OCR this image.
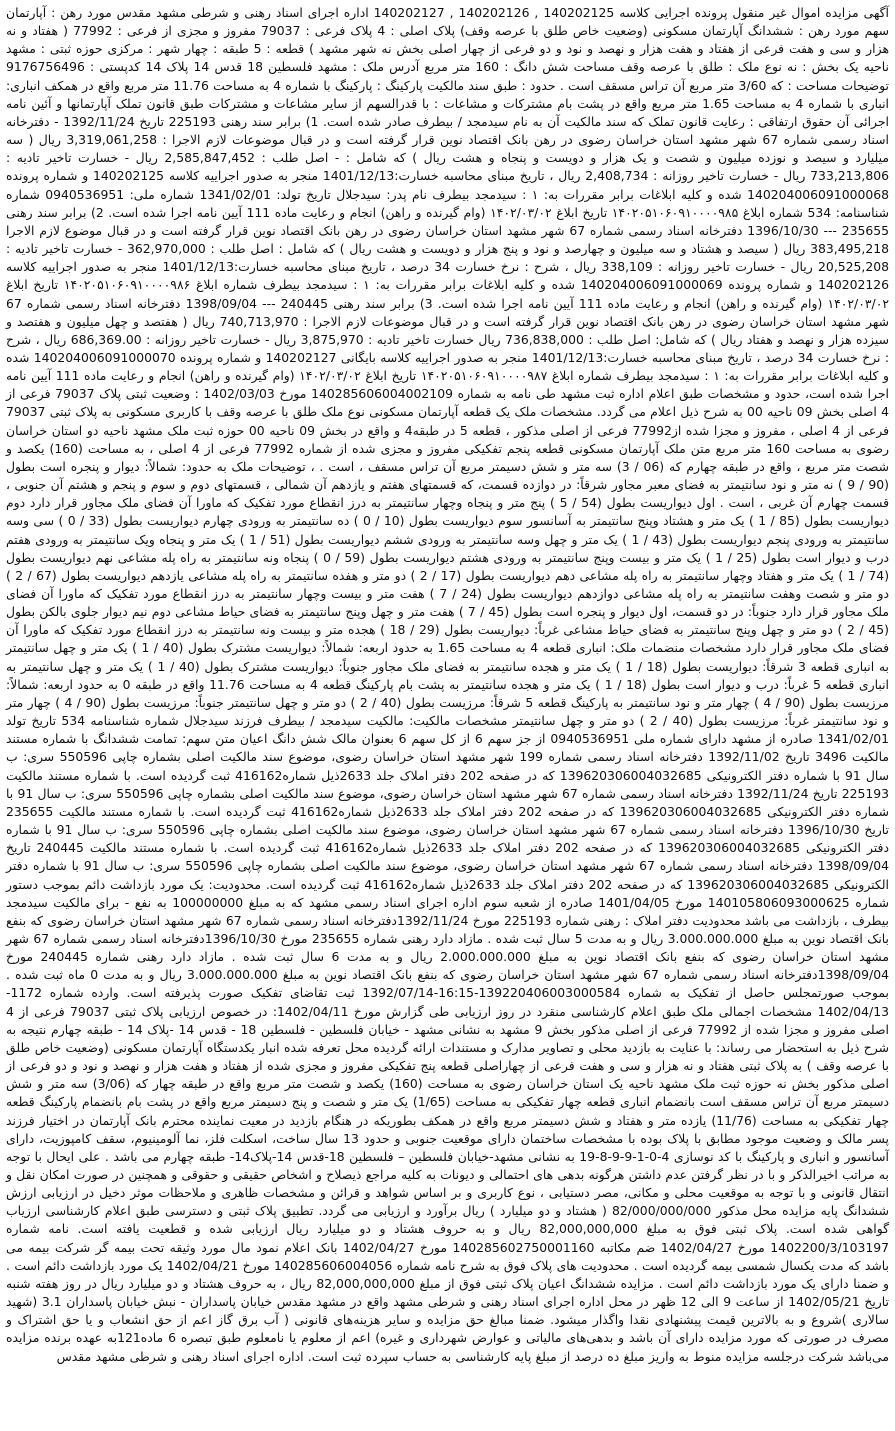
آگهی مزایده اموال غیر منقول پرونده اجرایی کلاسه 140202125 , 140202126 , 140202127 اداره اجرای اسناد رهنی و شرطی مشهد مقدس مورد رهن : آپارتمان سهم مورد رهن : ششدانگ آپارتمان مسکونی (وضعیت خاص طلق با عرصه وقف) پلاک اصلی : 4 پلاک فرعی : 79037 مفروز و مجزی از فرعی : 77992 ( هفتاد و نه هزار و سی و هفت فرعی از هفتاد و هفت هزار و نهصد و نود و دو فرعی از چهار اصلی بخش نه شهر مشهد ) قطعه : 5 طبقه : چهار شهر : مرکزی حوزه ثبتی : مشهد ناحیه یک بخش : نه نوع ملک : طلق با عرصه وقف مساحت شش دانگ : 160 متر مربع آدرس ملک : مشهد فلسطین 18 قدس 14 پلاک 14 کدپستی : 9176756496 توضیحات مساحت : که 3/60 متر مربع آن تراس مسقف است . حدود : طبق سند مالکیت پارکینگ : پارکینگ با شماره 4 به مساحت 11.76 متر مربع واقع در همکف انباری: انباری با شماره 4 به مساحت 1.65 متر مربع واقع در پشت بام مشترکات و مشاعات : با قدرالسهم از سایر مشاعات و مشترکات طبق قانون تملک آپارتمانها و آئین نامه اجرائی آن حقوق ارتفاقی : رعایت قانون تملک که سند مالکیت آن به نام سیدمجد / بیطرف صادر شده است. 1) برابر سند رهنی 225193 تاریخ 1392/11/24 - دفترخانه اسناد رسمی شماره 67 شهر مشهد استان خراسان رضوی در رهن بانک اقتصاد نوین قرار گرفته است و در قبال موضوعات لازم الاجرا : 3,319,061,258 ریال ( سه میلیارد و سیصد و نوزده میلیون و شصت و یک هزار و دویست و پنجاه و هشت ریال ) که شامل : - اصل طلب : 2,585,847,452 ریال - خسارت تاخیر تادیه : 733,213,806 ریال - خسارت تاخیر روزانه : 2,408,734 ریال ، تاریخ مبنای محاسبه خسارت:1401/12/13 منجر به صدور اجراییه کلاسه 140202125 و شماره پرونده 140204006091000068 شده و کلیه ابلاغات برابر مقررات به: ۱ : سیدمجد بیطرف نام پدر: سیدجلال تاریخ تولد: 1341/02/01 شماره ملی: 0940536951 شماره شناسنامه: 534 شماره ابلاغ ۱۴۰۲۰۵۱۰۶۰۹۱۰۰۰۰۹۸۵ تاریخ ابلاغ ۱۴۰۲/۰۳/۰۲ (وام گیرنده و راهن) انجام و رعایت ماده 111 آیین نامه اجرا شده است. 2) برابر سند رهنی 235655 --- 1396/10/30 دفترخانه اسناد رسمی شماره 67 شهر مشهد استان خراسان رضوی در رهن بانک اقتصاد نوین قرار گرفته است و در قبال موضوع لازم الاجرا 383,495,218 ریال ( سیصد و هشتاد و سه میلیون و چهارصد و نود و پنج هزار و دویست و هشت ریال ) که شامل : اصل طلب : 362,970,000 - خسارت تاخیر تادیه : 20,525,208 ریال - خسارت تاخیر روزانه : 338,109 ریال ، شرح : نرخ خسارت 34 درصد ، تاریخ مبنای محاسبه خسارت:1401/12/13 منجر به صدور اجراییه کلاسه 140202126 و شماره پرونده 140204006091000069 شده و کلیه ابلاغات برابر مقررات به: ۱ : سیدمجد بیطرف شماره ابلاغ ۱۴۰۲۰۵۱۰۶۰۹۱۰۰۰۰۹۸۶ تاریخ ابلاغ ۱۴۰۲/۰۳/۰۲ (وام گیرنده و راهن) انجام و رعایت ماده 111 آیین نامه اجرا شده است. 3) برابر سند رهنی 240445 --- 1398/09/04 دفترخانه اسناد رسمی شماره 67 شهر مشهد استان خراسان رضوی در رهن بانک اقتصاد نوین قرار گرفته است و در قبال موضوعات لازم الاجرا : 740,713,970 ریال ( هفتصد و چهل میلیون و هفتصد و سیزده هزار و نهصد و هفتاد ریال ) که شامل: اصل طلب : 736,838,000 ریال خسارت تاخیر تادیه : 3,875,970 ریال - خسارت تاخیر روزانه : 686,369.00 ریال ، شرح : نرخ خسارت 34 درصد ، تاریخ مبنای محاسبه خسارت:1401/12/13 منجر به صدور اجراییه کلاسه بایگانی 140202127 و شماره پرونده 140204006091000070 شده و کلیه ابلاغات برابر مقررات به: ۱ : سیدمجد بیطرف شماره ابلاغ ۱۴۰۲۰۵۱۰۶۰۹۱۰۰۰۰۹۸۷ تاریخ ابلاغ ۱۴۰۲/۰۳/۰۲ (وام گیرنده و راهن) انجام و رعایت ماده 111 آیین نامه اجرا شده است، حدود و مشخصات طبق اعلام اداره ثبت مشهد طی نامه به شماره 140285606004002109 مورخ 1402/03/03 : وضعیت ثبتی پلاک 79037 فرعی از 4 اصلی بخش 09 ناحیه 00 به شرح ذیل اعلام می گردد. مشخصات ملک یک قطعه آپارتمان مسکونی نوع ملک طلق با عرصه وقف با کاربری مسکونی به پلاک ثبتی 79037 فرعی از 4 اصلی ، مفروز و مجزا شده از77992 فرعی از اصلی مذکور ، قطعه 5 در طبقه4 و واقع در بخش 09 ناحیه 00 حوزه ثبت ملک مشهد ناحیه دو استان خراسان رضوی به مساحت 160 متر مربع متن ملک آپارتمان مسکونی قطعه پنجم تفکیکی مفروز و مجزی شده از شماره 77992 فرعی از 4 اصلی ، به مساحت (160) یکصد و شصت متر مربع ، واقع در طبقه چهارم که (06 / 3) سه متر و شش دسیمتر مربع آن تراس مسقف ، است . ، توضیحات ملک به حدود: شمالاً: دیوار و پنجره است بطول (90 / 9 ) نه متر و نود سانتیمتر به فضای معبر مجاور شرقاً: در دوازده قسمت، که قسمتهای هفتم و یازدهم آن شمالی ، قسمتهای دوم و سوم و پنجم و هشتم آن جنوبی ، قسمت چهارم آن غربی ، است . اول دیواریست بطول (54 / 5 ) پنج متر و پنجاه وچهار سانتیمتر به درز انقطاع مورد تفکیک که ماورا آن فضای ملک مجاور قرار دارد دوم دیواریست بطول (85 / 1 ) یک متر و هشتاد وپنج سانتیمتر به آسانسور سوم دیواریست بطول (10 / 0 ) ده سانتیمتر به ورودی چهارم دیواریست بطول (33 / 0 ) سی وسه سانتیمتر به ورودی پنجم دیواریست بطول (43 / 1 ) یک متر و چهل وسه سانتیمتر به ورودی ششم دیواریست بطول (51 / 1 ) یک متر و پنجاه ویک سانتیمتر به ورودی هفتم درب و دیوار است بطول (25 / 1 ) یک متر و بیست وپنج سانتیمتر به ورودی هشتم دیواریست بطول (59 / 0 ) پنجاه ونه سانتیمتر به راه پله مشاعی نهم دیواریست بطول (74 / 1 ) یک متر و هفتاد وچهار سانتیمتر به راه پله مشاعی دهم دیواریست بطول (17 / 2 ) دو متر و هفده سانتیمتر به راه پله مشاعی یازدهم دیواریست بطول (67 / 2 ) دو متر و شصت وهفت سانتیمتر به راه پله مشاعی دوازدهم دیواریست بطول (24 / 7 ) هفت متر و بیست وچهار سانتیمتر به درز انقطاع مورد تفکیک که ماورا آن فضای ملک مجاور قرار دارد جنوباً: در دو قسمت، اول دیوار و پنجره است بطول (45 / 7 ) هفت متر و چهل وپنج سانتیمتر به فضای حیاط مشاعی دوم نیم دیوار جلوی بالکن بطول (45 / 2 ) دو متر و چهل وپنج سانتیمتر به فضای حیاط مشاعی غرباً: دیواریست بطول (29 / 18 ) هجده متر و بیست ونه سانتیمتر به درز انقطاع مورد تفکیک که ماورا آن فضای ملک مجاور قرار دارد مشخصات منضمات ملک: انباری قطعه 4 به مساحت 1.65 به حدود اربعه: شمالاً: دیواریست مشترک بطول (40 / 1 ) یک متر و چهل سانتیمتر به انباری قطعه 3 شرقاً: دیواریست بطول (18 / 1 ) یک متر و هجده سانتیمتر به فضای ملک مجاور جنوباً: دیواریست مشترک بطول (40 / 1 ) یک متر و چهل سانتیمتر به انباری قطعه 5 غرباً: درب و دیوار است بطول (18 / 1 ) یک متر و هجده سانتیمتر به پشت بام پارکینگ قطعه 4 به مساحت 11.76 واقع در طبقه 0 به حدود اربعه: شمالاً: مرزیست بطول (90 / 4 ) چهار متر و نود سانتیمتر به پارکینگ قطعه 5 شرقاً: مرزیست بطول (40 / 2 ) دو متر و چهل سانتیمتر جنوباً: مرزیست بطول (90 / 4 ) چهار متر و نود سانتیمتر غرباً: مرزیست بطول (40 / 2 ) دو متر و چهل سانتیمتر مشخصات مالکیت: مالکیت سیدمجد / بیطرف فرزند سیدجلال شماره شناسنامه 534 تاریخ تولد 1341/02/01 صادره از مشهد دارای شماره ملی 0940536951 از جز سهم 6 از کل سهم 6 بعنوان مالک شش دانگ اعیان متن سهم: تمامت ششدانگ با شماره مستند مالکیت 3496 تاریخ 1392/11/02 دفترخانه اسناد رسمی شماره 199 شهر مشهد استان خراسان رضوی، موضوع سند مالکیت اصلی بشماره چاپی 550596 سری: ب سال 91 با شماره دفتر الکترونیکی 139620306004032685 که در صفحه 202 دفتر املاک جلد 2633ذیل شماره416162 ثبت گردیده است. با شماره مستند مالکیت 225193 تاریخ 1392/11/24 دفترخانه اسناد رسمی شماره 67 شهر مشهد استان خراسان رضوی، موضوع سند مالکیت اصلی بشماره چاپی 550596 سری: ب سال 91 با شماره دفتر الکترونیکی 139620306004032685 که در صفحه 202 دفتر املاک جلد 2633ذیل شماره416162 ثبت گردیده است. با شماره مستند مالکیت 235655 تاریخ 1396/10/30 دفترخانه اسناد رسمی شماره 67 شهر مشهد استان خراسان رضوی، موضوع سند مالکیت اصلی بشماره چاپی 550596 سری: ب سال 91 با شماره دفتر الکترونیکی 139620306004032685 که در صفحه 202 دفتر املاک جلد 2633ذیل شماره416162 ثبت گردیده است. با شماره مستند مالکیت 240445 تاریخ 1398/09/04 دفترخانه اسناد رسمی شماره 67 شهر مشهد استان خراسان رضوی، موضوع سند مالکیت اصلی بشماره چاپی 550596 سری: ب سال 91 با شماره دفتر الکترونیکی 139620306004032685 که در صفحه 202 دفتر املاک جلد 2633ذیل شماره416162 ثبت گردیده است. محدودیت: یک مورد بازداشت دائم بموجب دستور شماره 140105806093000625 مورخ 1401/04/05 صادره از شعبه سوم اداره اجرای اسناد رسمی مشهد که به مبلغ 100000000 به نفع - برای مالکیت سیدمجد بیطرف ، بازداشت می باشد محدودیت دفتر املاک : رهنی شماره 225193 مورخ 1392/11/24دفترخانه اسناد رسمی شماره 67 شهر مشهد استان خراسان رضوی که بنفع بانک اقتصاد نوین به مبلغ 3.000.000.000 ریال و به مدت 5 سال ثبت شده . مازاد دارد رهنی شماره 235655 مورخ 1396/10/30دفترخانه اسناد رسمی شماره 67 شهر مشهد استان خراسان رضوی که بنفع بانک اقتصاد نوین به مبلغ 2.000.000.000 ریال و به مدت 6 سال ثبت شده . مازاد دارد رهنی شماره 240445 مورخ 1398/09/04دفترخانه اسناد رسمی شماره 67 شهر مشهد استان خراسان رضوی که بنفع بانک اقتصاد نوین به مبلغ 3.000.000.000 ریال و به مدت 0 ماه ثبت شده . بموجب صورتمجلس حاصل از تفکیک به شماره 139220406003000584-16:15-1392/07/14 ثبت تقاضای تفکیک صورت پذیرفته است. وارده شماره 1172-1402/04/13 مشخصات اجمالی ملک طبق اعلام کارشناسی منقرد در روز ارزیابی طی گزارش مورخ 1402/04/11: در خصوص ارزیابی پلاک ثبتی 79037 فرعی از 4 اصلی مفروز و مجزا شده از 77992 فرعی از اصلی مذکور بخش 9 مشهد به نشانی مشهد - خیابان فلسطین - فلسطین 18 - قدس 14 -پلاک 14 - طبقه چهارم نتیجه به شرح ذیل به استحضار می رساند: با عنایت به بازدید محلی و تصاویر مدارک و مستندات ارائه گردیده محل تعرفه شده انبار یکدستگاه آپارتمان مسکونی (وضعیت خاص طلق با عرصه وقف ) به پلاک ثبتی هفتاد و نه هزار و سی و هفت فرعی از چهاراصلی قطعه پنج تفکیکی مفروز و مجزی شده از هفتاد و هفت هزار و نهصد و نود و دو فرعی از اصلی مذکور بخش نه حوزه ثبت ملک مشهد ناحیه یک استان خراسان رضوی به مساحت (160) یکصد و شصت متر مربع واقع در طبقه چهار که (3/06) سه متر و شش دسیمتر مربع آن تراس مسقف است بانضمام انباری قطعه چهار تفکیکی به مساحت (1/65) یک متر و شصت و پنج دسیمتر مربع واقع در پشت بام بانضمام پارکینگ قطعه چهار تفکیکی به مساحت (11/76) یازده متر و هفتاد و شش دسیمتر مربع واقع در همکف بطوریکه در هنگام بازدید در معیت نماینده محترم بانک آپارتمان در اختیار فرزند پسر مالک و وضعیت موجود مطابق با پلاک بوده با مشخصات ساختمان دارای موقعیت جنوبی و حدود 13 سال ساخت، اسکلت فلز، نما آلومینیوم، سقف کامپوزیت، دارای آسانسور و انباری و پارکینگ با کد نوسازی 4-0-1-9-9-8-19 به نشانی مشهد-خیابان فلسطین – فلسطین 18-قدس 14-پلاک14- طبقه چهارم می باشد . علی ایحال با توجه به مراتب اخیرالذکر و با در نظر گرفتن عدم داشتن هرگونه بدهی های احتمالی و دیونات به کلیه مراجع ذیصلاح و اشخاص حقیقی و حقوقی و همچنین در صورت امکان نقل و انتقال قانونی و با توجه به موقعیت محلی و مکانی، مصر دستیابی ، نوع کاربری و بر اساس شواهد و قرائن و مشخصات ظاهری و ملاحظات موثر دخیل در ارزیابی ارزش ششدانگ پایه مزایده محل مذکور 82/000/000/000 ( هشتاد و دو میلیارد ) ریال برآورد و ارزیابی می گردد. تطبیق پلاک ثبتی و دسترسی طبق اعلام کارشناسی ارزیاب گواهی شده است. پلاک ثبتی فوق به مبلغ 82,000,000,000 ریال و به حروف هشتاد و دو میلیارد ریال ارزیابی شده و قطعیت یافته است. نامه شماره 1402200/3/103197 مورخ 1402/04/27 ضم مکاتبه 140285602750001160 مورخ 1402/04/27 بانک اعلام نمود مال مورد وثیقه تحت بیمه گر شرکت بیمه می باشد که مدت یکسال شمسی بیمه گردیده است . محدودیت های پلاک فوق به شرح نامه شماره 140285606004056 مورخ 1402/04/21 یک مورد بازداشت دائم است . و ضمنا دارای یک مورد بازداشت دائم است . مزایده ششدانگ اعیان پلاک ثبتی فوق از مبلغ 82,000,000,000 ریال ، به حروف هشتاد و دو میلیارد ریال در روز هفته شنبه تاریخ 1402/05/21 از ساعت 9 الی 12 ظهر در محل اداره اجرای اسناد رهنی و شرطی مشهد واقع در مشهد مقدس خیابان پاسداران - نبش خیابان پاسداران 3.1 (شهید سالاری )شروع و به بالاترین قیمت پیشنهادی نقدا واگذار میشود. ضمنا مبالغ حق مزایده و سایر هزینه‌های قانونی ( آب برق گاز اعم از حق انشعاب و یا حق اشتراک و مصرف در صورتی که مورد مزایده دارای آن باشد و بدهی‌های مالیاتی و عوارض شهرداری و غیره) اعم از معلوم یا نامعلوم طبق تبصره 6 ماده121به عهده برنده مزایده می‌باشد شرکت درجلسه مزایده منوط به واریز مبلغ ده درصد از مبلغ پایه کارشناسی به حساب سپرده ثبت است. اداره اجرای اسناد رهنی و شرطی مشهد مقدس
